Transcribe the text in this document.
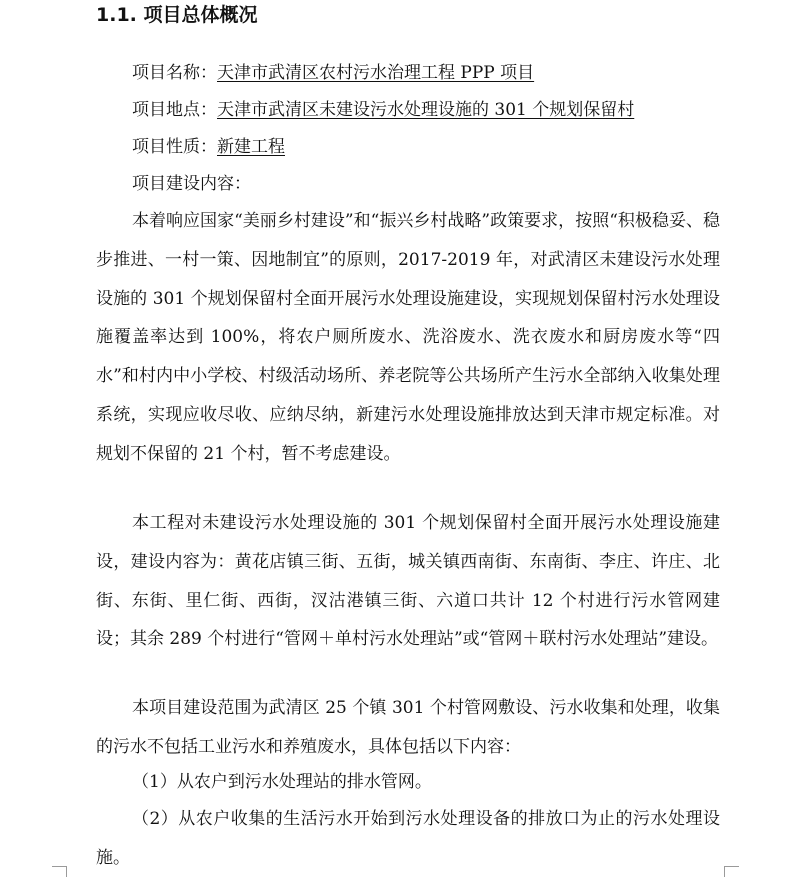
1.1. 项目总体概况
项目名称：天津市武清区农村污水治理工程 PPP 项目
项目地点：天津市武清区未建设污水处理设施的 301 个规划保留村
项目性质：新建工程
项目建设内容：

本着响应国家“美丽乡村建设”和“振兴乡村战略”政策要求，按照“积极稳妥、稳步推进、一村一策、因地制宜”的原则，2017-2019 年，对武清区未建设污水处理设施的 301 个规划保留村全面开展污水处理设施建设，实现规划保留村污水处理设施覆盖率达到 100%，将农户厕所废水、洗浴废水、洗衣废水和厨房废水等“四水”和村内中小学校、村级活动场所、养老院等公共场所产生污水全部纳入收集处理系统，实现应收尽收、应纳尽纳，新建污水处理设施排放达到天津市规定标准。对规划不保留的 21 个村，暂不考虑建设。

本工程对未建设污水处理设施的 301 个规划保留村全面开展污水处理设施建设，建设内容为：黄花店镇三街、五街，城关镇西南街、东南街、李庄、许庄、北街、东街、里仁街、西街，汊沽港镇三街、六道口共计 12 个村进行污水管网建设；其余 289 个村进行“管网＋单村污水处理站”或“管网＋联村污水处理站”建设。

本项目建设范围为武清区 25 个镇 301 个村管网敷设、污水收集和处理，收集的污水不包括工业污水和养殖废水，具体包括以下内容：

（1）从农户到污水处理站的排水管网。

（2）从农户收集的生活污水开始到污水处理设备的排放口为止的污水处理设施。
